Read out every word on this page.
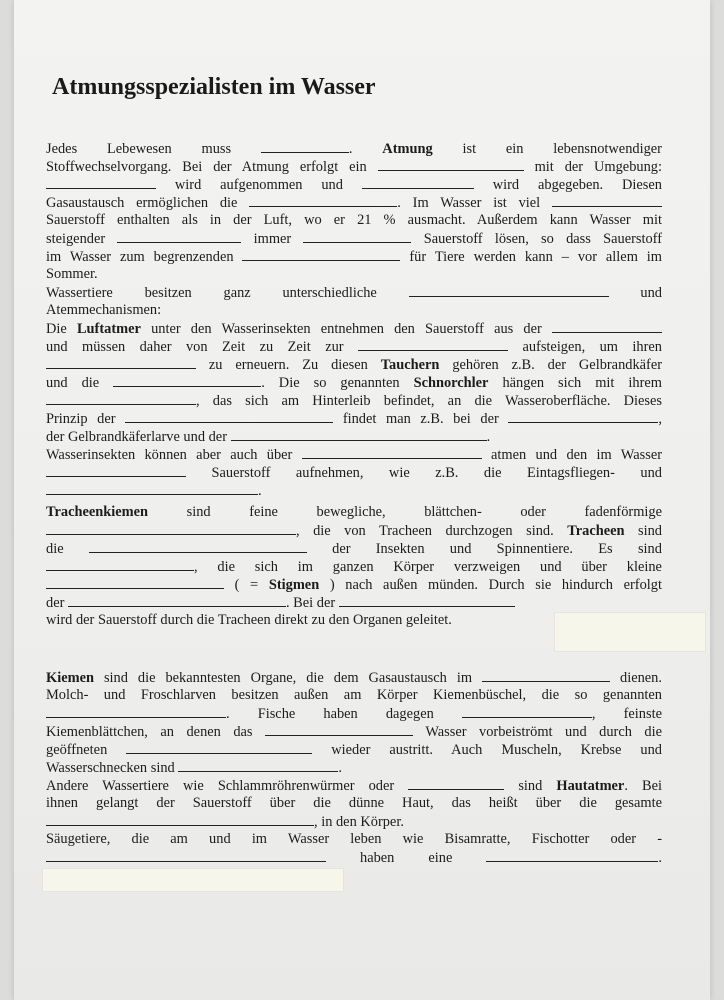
Atmungsspezialisten im Wasser
Jedes Lebewesen muss	. Atmung ist ein lebensnotwendiger
Stoffwechselvorgang. Bei der Atmung erfolgt ein	mit der Umgebung:
wird aufgenommen und	wird abgegeben. Diesen
Gasaustausch ermöglichen die	. Im Wasser ist viel
Sauerstoff enthalten als in der Luft, wo er 21 % ausmacht. Außerdem kann Wasser mit
steigender	immer	Sauerstoff lösen, so dass Sauerstoff
im Wasser zum begrenzenden	für Tiere werden kann – vor allem im
Sommer.
Wassertiere besitzen ganz unterschiedliche	und
Atemmechanismen:
Die Luftatmer unter den Wasserinsekten entnehmen den Sauerstoff aus der
und müssen daher von Zeit zu Zeit zur	aufsteigen, um ihren
zu erneuern. Zu diesen Tauchern gehören z.B. der Gelbrandkäfer
und die	. Die so genannten Schnorchler hängen sich mit ihrem
, das sich am Hinterleib befindet, an die Wasseroberfläche. Dieses
Prinzip der	findet man z.B. bei der	,
der Gelbrandkäferlarve und der	.
Wasserinsekten können aber auch über	atmen und den im Wasser
Sauerstoff aufnehmen, wie z.B. die Eintagsfliegen- und
.
Tracheenkiemen	sind	feine	bewegliche,	blättchen-	oder	fadenförmige
, die von Tracheen durchzogen sind. Tracheen sind
die	der Insekten und Spinnentiere. Es sind
, die sich im ganzen Körper verzweigen und über kleine
( = Stigmen ) nach außen münden. Durch sie hindurch erfolgt
der	. Bei der
wird der Sauerstoff durch die Tracheen direkt zu den Organen geleitet.
Kiemen sind die bekanntesten Organe, die dem Gasaustausch im	dienen.
Molch- und Froschlarven besitzen außen am Körper Kiemenbüschel, die so genannten
. Fische haben dagegen	, feinste
Kiemenblättchen, an denen das	Wasser vorbeiströmt und durch die
geöffneten	wieder austritt. Auch Muscheln, Krebse und
Wasserschnecken sind	.
Andere Wassertiere wie Schlammröhrenwürmer oder	sind Hautatmer. Bei
ihnen gelangt der Sauerstoff über die dünne Haut, das heißt über die gesamte
, in den Körper.
Säugetiere, die am und im Wasser leben wie Bisamratte, Fischotter oder -
haben eine	.
